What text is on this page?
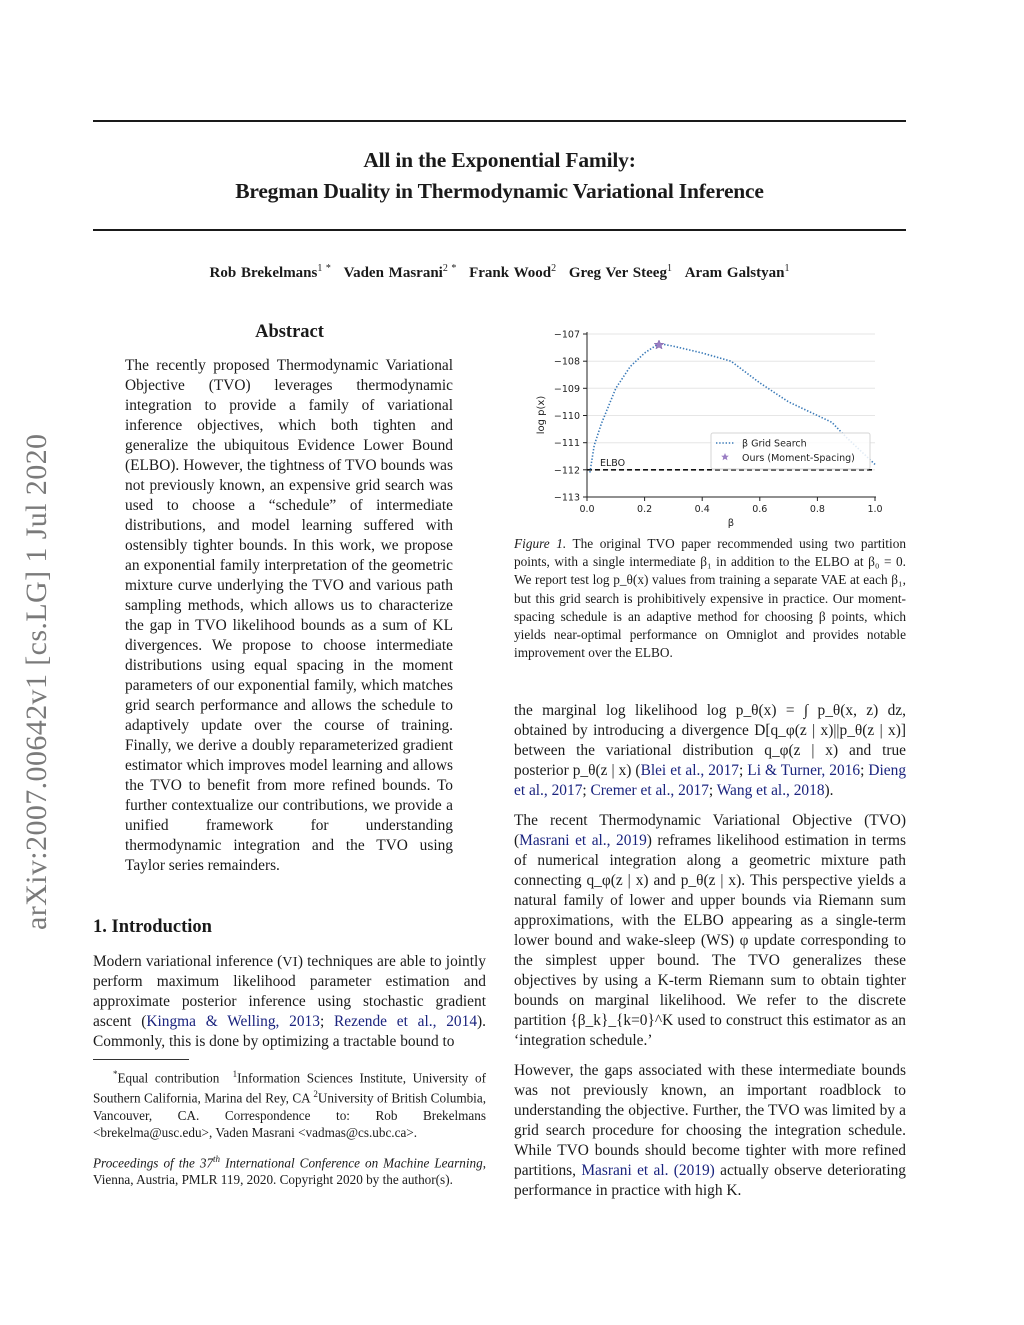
arXiv:2007.00642v1 [cs.LG] 1 Jul 2020
All in the Exponential Family:
Bregman Duality in Thermodynamic Variational Inference
Rob Brekelmans$^{1 *}$ Vaden Masrani$^{2 *}$ Frank Wood$^2$ Greg Ver Steeg$^1$ Aram Galstyan$^1$
Abstract

The recently proposed Thermodynamic Variational Objective (TVO) leverages thermodynamic integration to provide a family of variational inference objectives, which both tighten and generalize the ubiquitous Evidence Lower Bound (ELBO). However, the tightness of TVO bounds was not previously known, an expensive grid search was used to choose a “schedule” of intermediate distributions, and model learning suffered with ostensibly tighter bounds. In this work, we propose an exponential family interpretation of the geometric mixture curve underlying the TVO and various path sampling methods, which allows us to characterize the gap in TVO likelihood bounds as a sum of KL divergences. We propose to choose intermediate distributions using equal spacing in the moment parameters of our exponential family, which matches grid search performance and allows the schedule to adaptively update over the course of training. Finally, we derive a doubly reparameterized gradient estimator which improves model learning and allows the TVO to benefit from more refined bounds. To further contextualize our contributions, we provide a unified framework for understanding thermodynamic integration and the TVO using Taylor series remainders.

1. Introduction

Modern variational inference (VI) techniques are able to jointly perform maximum likelihood parameter estimation and approximate posterior inference using stochastic gradient ascent (Kingma & Welling, 2013; Rezende et al., 2014). Commonly, this is done by optimizing a tractable bound to

*Equal contribution $^1$Information Sciences Institute, University of Southern California, Marina del Rey, CA $^2$University of British Columbia, Vancouver, CA. Correspondence to: Rob Brekelmans <brekelma@usc.edu>, Vaden Masrani <vadmas@cs.ubc.ca>.
Proceedings of the 37th International Conference on Machine Learning, Vienna, Austria, PMLR 119, 2020. Copyright 2020 by the author(s).
−107
−108
−109
−110
−111
−112
−113
0.0	0.2	0.4	0.6	0.8	1.0
β
log p(x)
ELBO
β Grid Search
Ours (Moment-Spacing)
Figure 1. The original TVO paper recommended using two partition points, with a single intermediate β₁ in addition to the ELBO at β₀ = 0. We report test log p_θ(x) values from training a separate VAE at each β₁, but this grid search is prohibitively expensive in practice. Our moment-spacing schedule is an adaptive method for choosing β points, which yields near-optimal performance on Omniglot and provides notable improvement over the ELBO.

the marginal log likelihood log p_θ(x) = ∫ p_θ(x, z) dz, obtained by introducing a divergence D[q_φ(z | x)||p_θ(z | x)] between the variational distribution q_φ(z | x) and true posterior p_θ(z | x) (Blei et al., 2017; Li & Turner, 2016; Dieng et al., 2017; Cremer et al., 2017; Wang et al., 2018).

The recent Thermodynamic Variational Objective (TVO) (Masrani et al., 2019) reframes likelihood estimation in terms of numerical integration along a geometric mixture path connecting q_φ(z | x) and p_θ(z | x). This perspective yields a natural family of lower and upper bounds via Riemann sum approximations, with the ELBO appearing as a single-term lower bound and wake-sleep (WS) φ update corresponding to the simplest upper bound. The TVO generalizes these objectives by using a K-term Riemann sum to obtain tighter bounds on marginal likelihood. We refer to the discrete partition {β_k}_{k=0}^K used to construct this estimator as an ‘integration schedule.’

However, the gaps associated with these intermediate bounds was not previously known, an important roadblock to understanding the objective. Further, the TVO was limited by a grid search procedure for choosing the integration schedule. While TVO bounds should become tighter with more refined partitions, Masrani et al. (2019) actually observe deteriorating performance in practice with high K.
